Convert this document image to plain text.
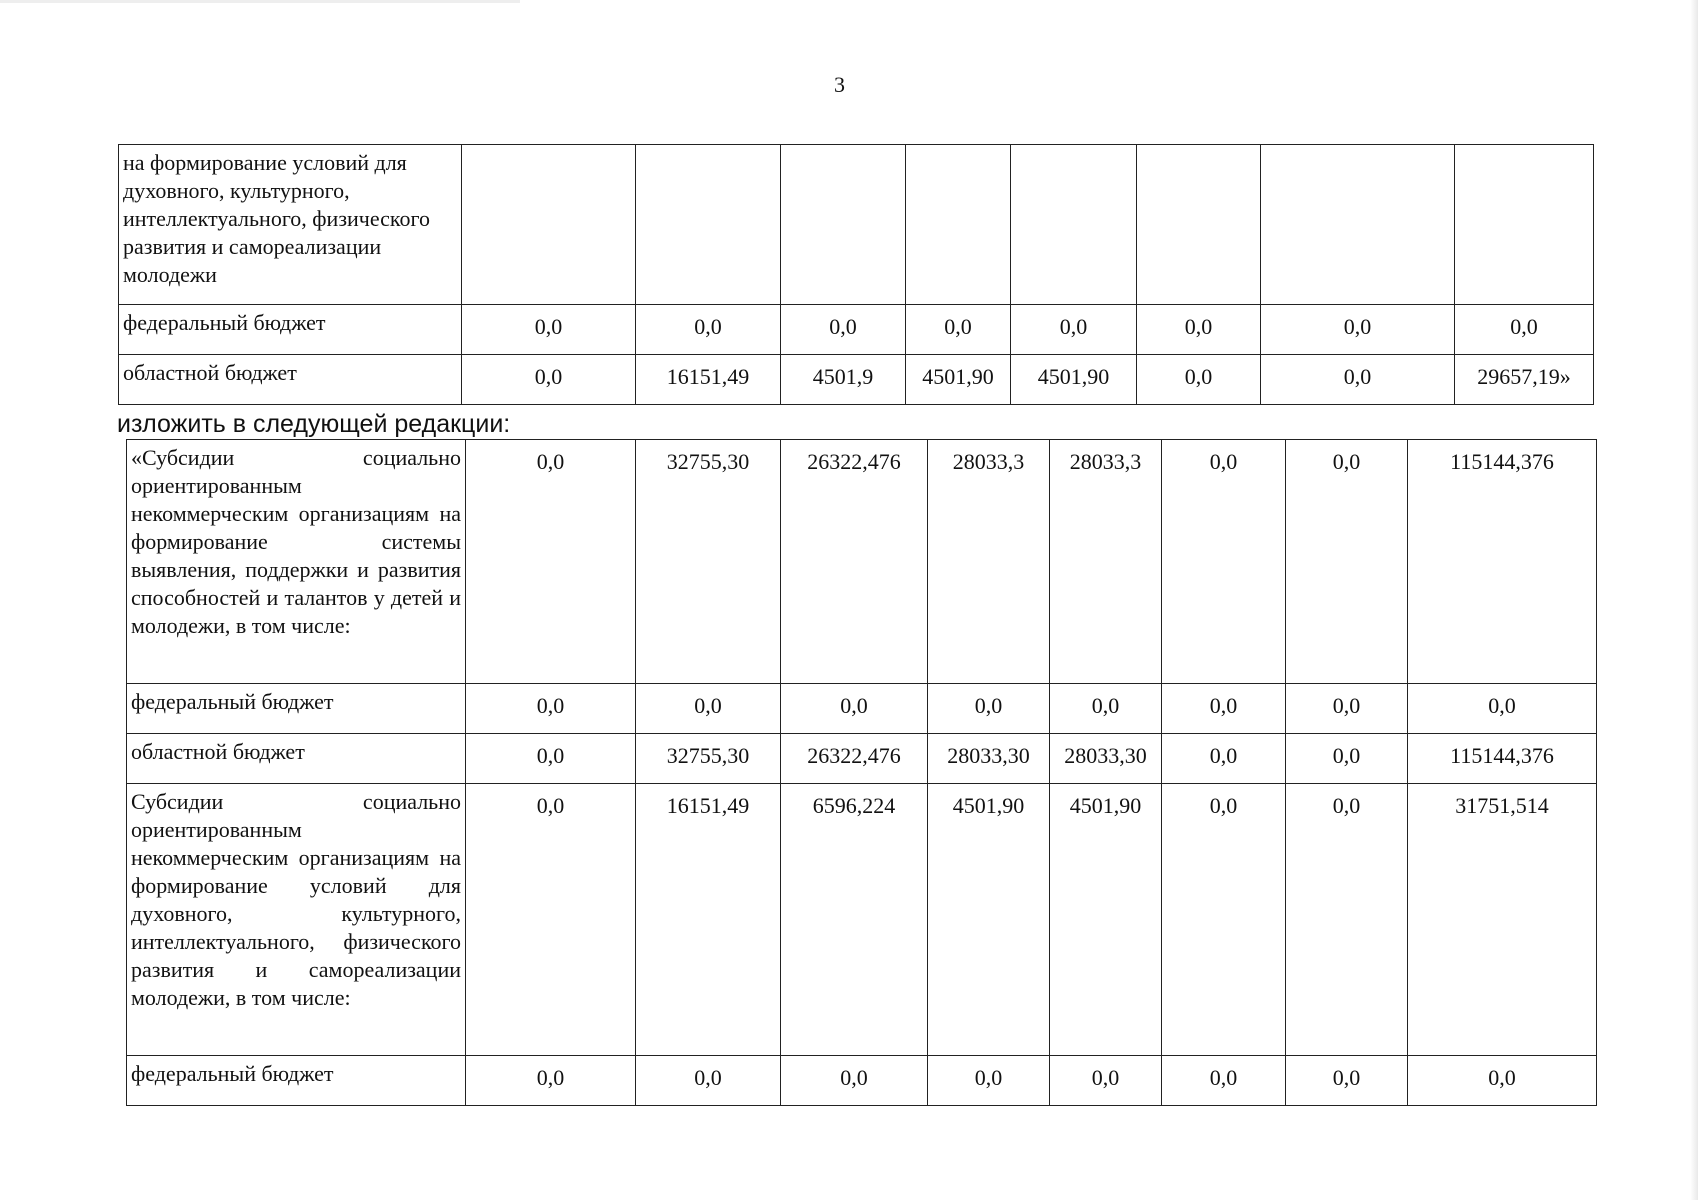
3
на формирование условий для духовного, культурного, интеллектуального, физического развития и самореализации молодежи								
федеральный бюджет	0,0	0,0	0,0	0,0	0,0	0,0	0,0	0,0
областной бюджет	0,0	16151,49	4501,9	4501,90	4501,90	0,0	0,0	29657,19»
изложить в следующей редакции:
«Субсидии социально ориентированным некоммерческим организациям на формирование системы выявления, поддержки и развития способностей и талантов у детей и молодежи, в том числе:	0,0	32755,30	26322,476	28033,3	28033,3	0,0	0,0	115144,376
федеральный бюджет	0,0	0,0	0,0	0,0	0,0	0,0	0,0	0,0
областной бюджет	0,0	32755,30	26322,476	28033,30	28033,30	0,0	0,0	115144,376
Субсидии социально ориентированным некоммерческим организациям на формирование условий для духовного, культурного, интеллектуального, физического развития и самореализации молодежи, в том числе:	0,0	16151,49	6596,224	4501,90	4501,90	0,0	0,0	31751,514
федеральный бюджет	0,0	0,0	0,0	0,0	0,0	0,0	0,0	0,0
